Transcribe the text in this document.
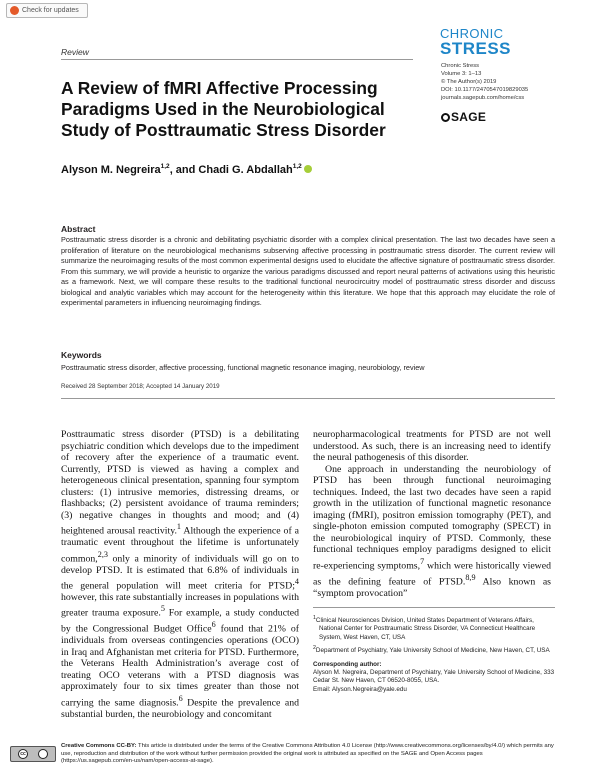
Check for updates
Review
CHRONIC
STRESS
Chronic Stress
Volume 3: 1–13
© The Author(s) 2019
DOI: 10.1177/2470547019829035
journals.sagepub.com/home/css
SAGE
A Review of fMRI Affective Processing Paradigms Used in the Neurobiological Study of Posttraumatic Stress Disorder
Alyson M. Negreira$^{1,2}$, and Chadi G. Abdallah$^{1,2}$
Abstract

Posttraumatic stress disorder is a chronic and debilitating psychiatric disorder with a complex clinical presentation. The last two decades have seen a proliferation of literature on the neurobiological mechanisms subserving affective processing in posttraumatic stress disorder. The current review will summarize the neuroimaging results of the most common experimental designs used to elucidate the affective signature of posttraumatic stress disorder. From this summary, we will provide a heuristic to organize the various paradigms discussed and report neural patterns of activations using this heuristic as a framework. Next, we will compare these results to the traditional functional neurocircuitry model of posttraumatic stress disorder and discuss biological and analytic variables which may account for the heterogeneity within this literature. We hope that this approach may elucidate the role of experimental parameters in influencing neuroimaging findings.

Keywords

Posttraumatic stress disorder, affective processing, functional magnetic resonance imaging, neurobiology, review

Received 28 September 2018; Accepted 14 January 2019

Posttraumatic stress disorder (PTSD) is a debilitating psychiatric condition which develops due to the impediment of recovery after the experience of a traumatic event. Currently, PTSD is viewed as having a complex and heterogeneous clinical presentation, spanning four symptom clusters: (1) intrusive memories, distressing dreams, or flashbacks; (2) persistent avoidance of trauma reminders; (3) negative changes in thoughts and mood; and (4) heightened arousal reactivity.$^1$ Although the experience of a traumatic event throughout the lifetime is unfortunately common,$^{2,3}$ only a minority of individuals will go on to develop PTSD. It is estimated that 6.8% of individuals in the general population will meet criteria for PTSD;$^4$ however, this rate substantially increases in populations with greater trauma exposure.$^5$ For example, a study conducted by the Congressional Budget Office$^6$ found that 21% of individuals from overseas contingencies operations (OCO) in Iraq and Afghanistan met criteria for PTSD. Furthermore, the Veterans Health Administration’s average cost of treating OCO veterans with a PTSD diagnosis was approximately four to six times greater than those not carrying the same diagnosis.$^6$ Despite the prevalence and substantial burden, the neurobiology and concomitant

neuropharmacological treatments for PTSD are not well understood. As such, there is an increasing need to identify the neural pathogenesis of this disorder.

One approach in understanding the neurobiology of PTSD has been through functional neuroimaging techniques. Indeed, the last two decades have seen a rapid growth in the utilization of functional magnetic resonance imaging (fMRI), positron emission tomography (PET), and single-photon emission computed tomography (SPECT) in the neurobiological inquiry of PTSD. Commonly, these functional techniques employ paradigms designed to elicit re-experiencing symptoms,$^7$ which were historically viewed as the defining feature of PTSD.$^{8,9}$ Also known as “symptom provocation”

$^1$Clinical Neurosciences Division, United States Department of Veterans Affairs, National Center for Posttraumatic Stress Disorder, VA Connecticut Healthcare System, West Haven, CT, USA

$^2$Department of Psychiatry, Yale University School of Medicine, New Haven, CT, USA

Corresponding author:

Alyson M. Negreira, Department of Psychiatry, Yale University School of Medicine, 333 Cedar St. New Haven, CT 06520-8055, USA.

Email: Alyson.Negreira@yale.edu

cc

Creative Commons CC-BY: This article is distributed under the terms of the Creative Commons Attribution 4.0 License (http://www.creativecommons.org/licenses/by/4.0/) which permits any use, reproduction and distribution of the work without further permission provided the original work is attributed as specified on the SAGE and Open Access pages (https://us.sagepub.com/en-us/nam/open-access-at-sage).
